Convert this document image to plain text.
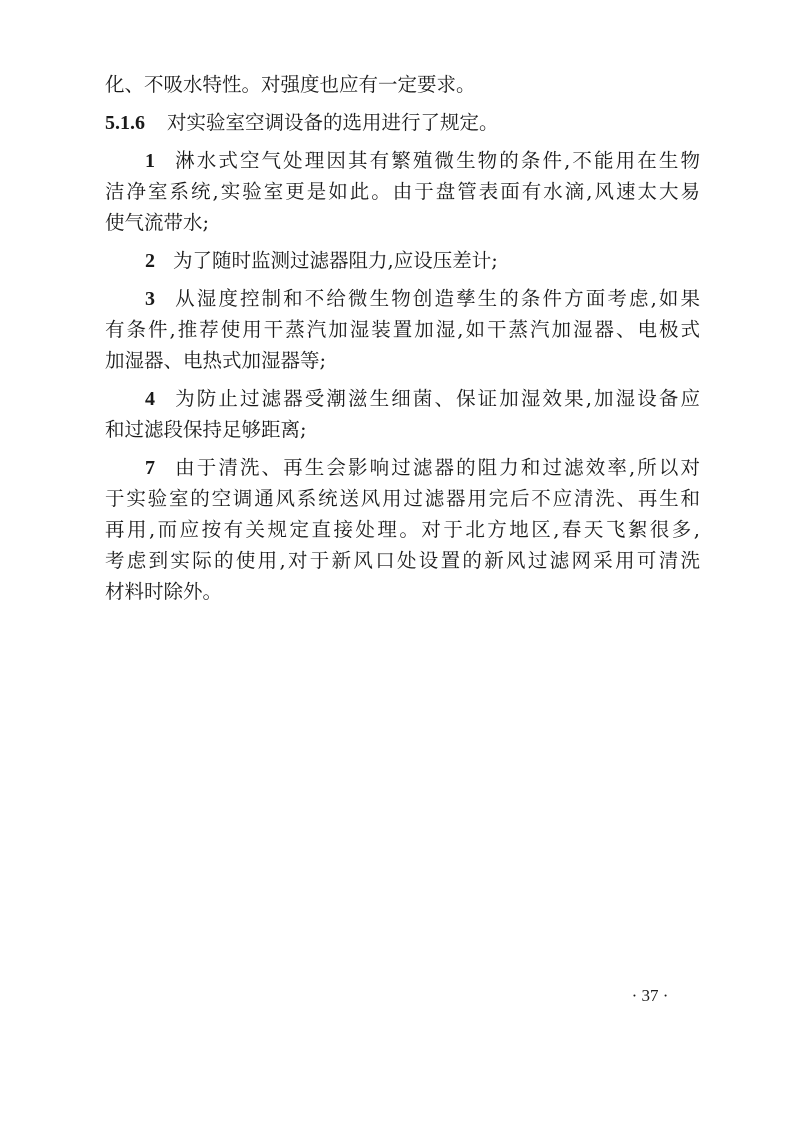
化、不吸水特性。对强度也应有一定要求。
5.1.6 对实验室空调设备的选用进行了规定。
1 淋水式空气处理因其有繁殖微生物的条件,不能用在生物
洁净室系统,实验室更是如此。由于盘管表面有水滴,风速太大易
使气流带水;
2 为了随时监测过滤器阻力,应设压差计;
3 从湿度控制和不给微生物创造孳生的条件方面考虑,如果
有条件,推荐使用干蒸汽加湿装置加湿,如干蒸汽加湿器、电极式
加湿器、电热式加湿器等;
4 为防止过滤器受潮滋生细菌、保证加湿效果,加湿设备应
和过滤段保持足够距离;
7 由于清洗、再生会影响过滤器的阻力和过滤效率,所以对
于实验室的空调通风系统送风用过滤器用完后不应清洗、再生和
再用,而应按有关规定直接处理。对于北方地区,春天飞絮很多,
考虑到实际的使用,对于新风口处设置的新风过滤网采用可清洗
材料时除外。
· 37 ·
